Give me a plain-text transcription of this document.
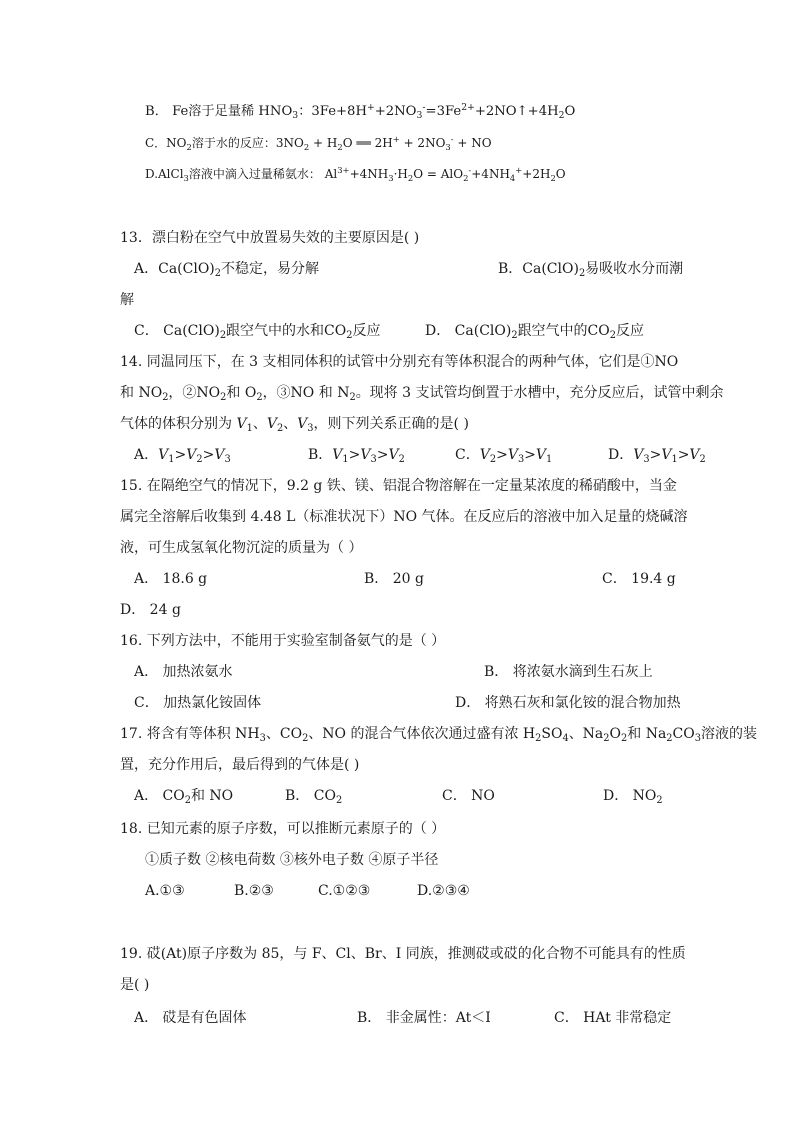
B． Fe溶于足量稀 $HNO_3$：$3Fe+8H^++2NO_3^-=3Fe^{2+}+2NO↑+4H_2O$
C．$NO_2$溶于水的反应：$3NO_2 + H_2O$ ══ $2H^+ + 2NO_3^-$ + NO
D.AlCl$_3$溶液中滴入过量稀氨水： $Al^{3+}+4NH_3\cdot H_2O = AlO_2^-+4NH_4^++2H_2O$
13．漂白粉在空气中放置易失效的主要原因是( )
A．$Ca(ClO)_2$不稳定，易分解	B．$Ca(ClO)_2$易吸收水分而潮
解
C． $Ca(ClO)_2$跟空气中的水和$CO_2$反应	D． $Ca(ClO)_2$跟空气中的$CO_2$反应
14. 同温同压下，在 3 支相同体积的试管中分别充有等体积混合的两种气体，它们是①NO
和 $NO_2$，$②NO_2$和 $O_2$，③NO 和 $N_2$。现将 3 支试管均倒置于水槽中，充分反应后，试管中剩余
气体的体积分别为 $V_1$、$V_2$、$V_3$，则下列关系正确的是( )
A．$V_1>V_2>V_3$	B．$V_1>V_3>V_2$	C．$V_2>V_3>V_1$	D．$V_3>V_1>V_2$
15. 在隔绝空气的情况下，9.2 g 铁、镁、铝混合物溶解在一定量某浓度的稀硝酸中，当金
属完全溶解后收集到 4.48 L（标准状况下）NO 气体。在反应后的溶液中加入足量的烧碱溶
液，可生成氢氧化物沉淀的质量为（ ）
A． 18.6 g	B． 20 g	C． 19.4 g
D． 24 g
16. 下列方法中，不能用于实验室制备氨气的是（ ）
A． 加热浓氨水	B． 将浓氨水滴到生石灰上
C． 加热氯化铵固体	D． 将熟石灰和氯化铵的混合物加热
17. 将含有等体积 $NH_3$、$CO_2$、NO 的混合气体依次通过盛有浓 $H_2SO_4$、$Na_2O_2$和 $Na_2CO_3$溶液的装
置，充分作用后，最后得到的气体是( )
A． $CO_2$和 NO	B． $CO_2$	C． NO	D． $NO_2$
18. 已知元素的原子序数，可以推断元素原子的（ ）
①质子数 ②核电荷数 ③核外电子数 ④原子半径
A.①③	B.②③	C.①②③	D.②③④
19. 砹(At)原子序数为 85，与 F、Cl、Br、I 同族，推测砹或砹的化合物不可能具有的性质
是( )
A． 砹是有色固体	B． 非金属性：At＜I	C． HAt 非常稳定
